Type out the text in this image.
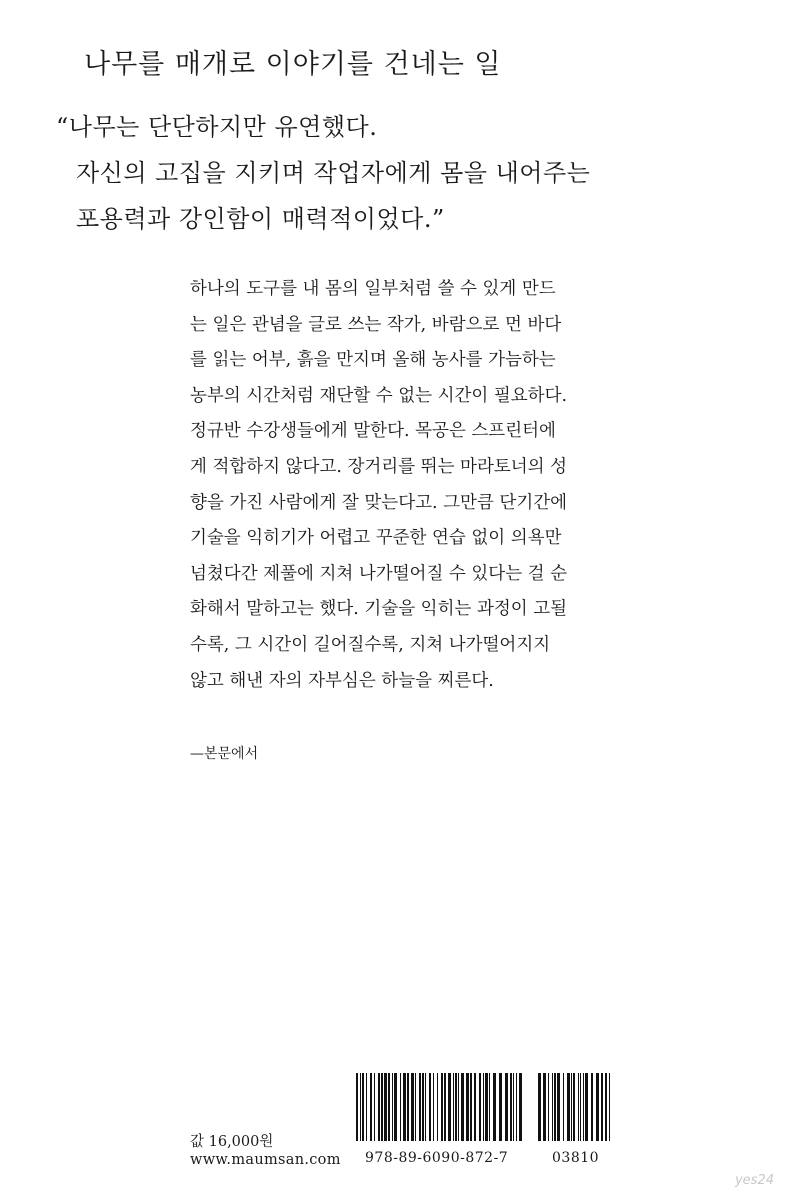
나무를 매개로 이야기를 건네는 일
“나무는 단단하지만 유연했다.
자신의 고집을 지키며 작업자에게 몸을 내어주는
포용력과 강인함이 매력적이었다.”
하나의 도구를 내 몸의 일부처럼 쓸 수 있게 만드
는 일은 관념을 글로 쓰는 작가, 바람으로 먼 바다
를 읽는 어부, 흙을 만지며 올해 농사를 가늠하는
농부의 시간처럼 재단할 수 없는 시간이 필요하다.
정규반 수강생들에게 말한다. 목공은 스프린터에
게 적합하지 않다고. 장거리를 뛰는 마라토너의 성
향을 가진 사람에게 잘 맞는다고. 그만큼 단기간에
기술을 익히기가 어렵고 꾸준한 연습 없이 의욕만
넘쳤다간 제풀에 지쳐 나가떨어질 수 있다는 걸 순
화해서 말하고는 했다. 기술을 익히는 과정이 고될
수록, 그 시간이 길어질수록, 지쳐 나가떨어지지
않고 해낸 자의 자부심은 하늘을 찌른다.
—본문에서
값 16,000원
www.maumsan.com 978-89-6090-872-7	03810
yes24
